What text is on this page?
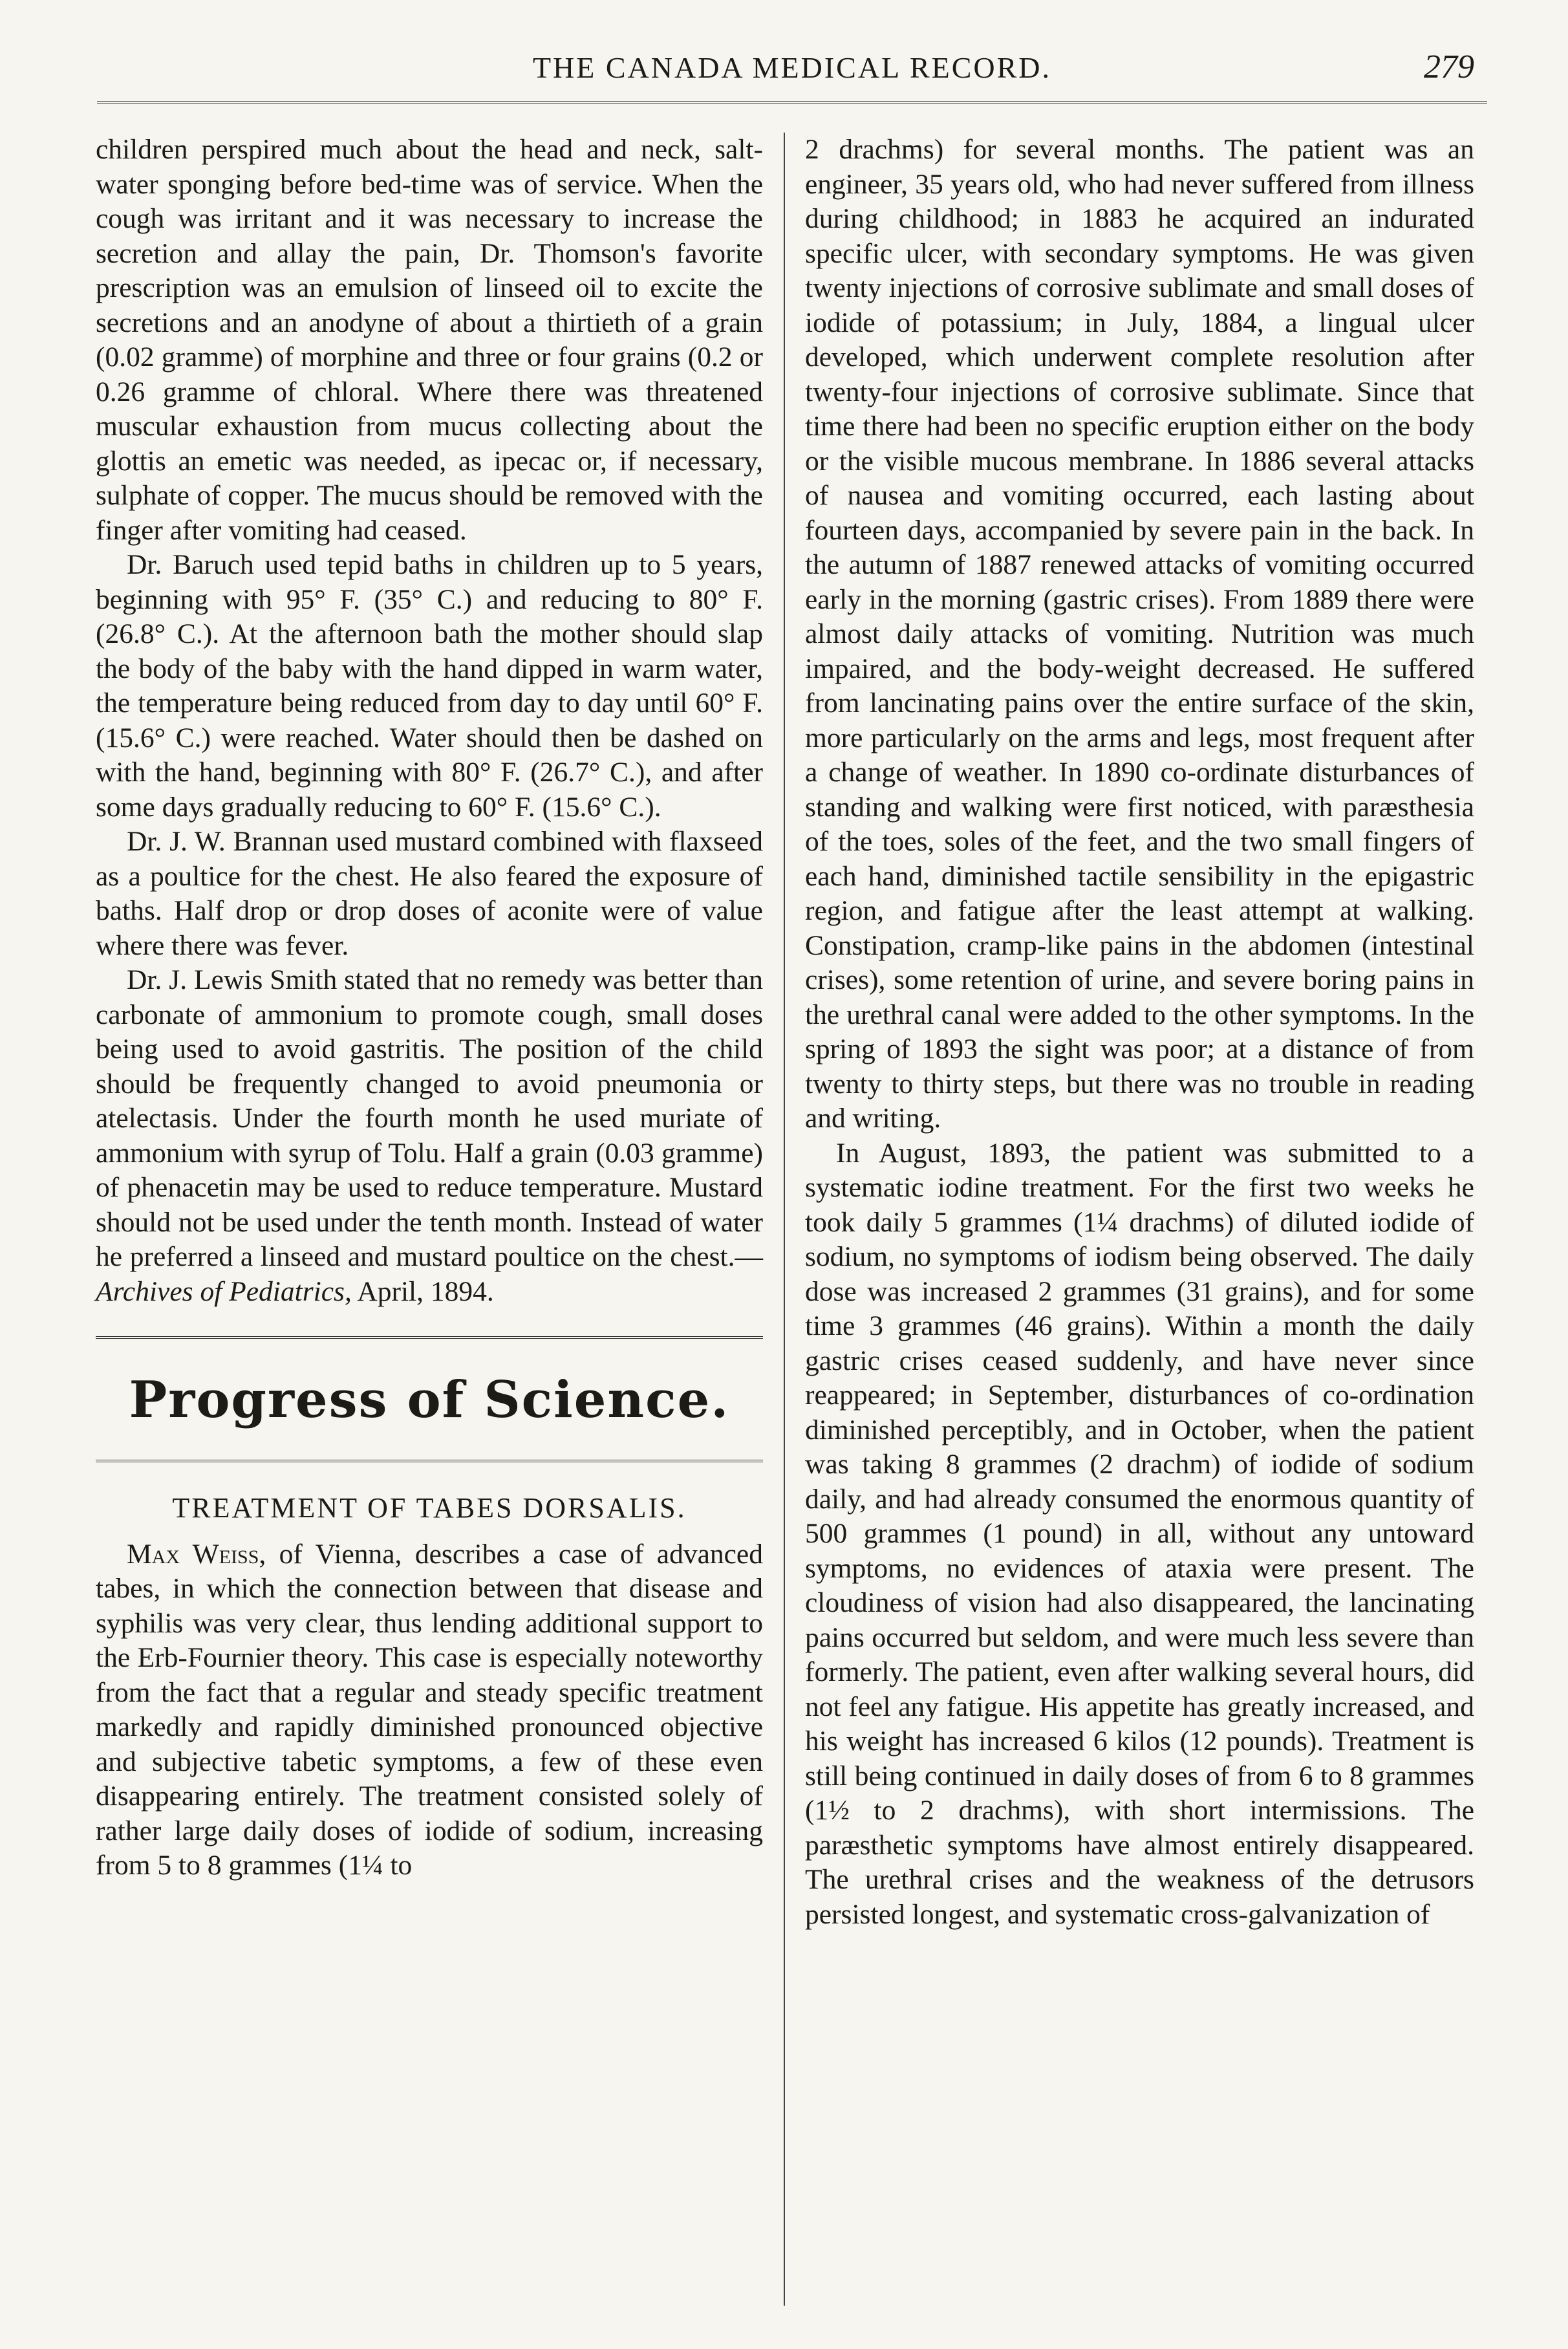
THE CANADA MEDICAL RECORD.	279

children perspired much about the head and neck, salt-water sponging before bed-time was of service. When the cough was irritant and it was necessary to increase the secretion and allay the pain, Dr. Thomson's favorite prescription was an emulsion of linseed oil to excite the secretions and an anodyne of about a thirtieth of a grain (0.02 gramme) of morphine and three or four grains (0.2 or 0.26 gramme of chloral. Where there was threatened muscular exhaustion from mucus collecting about the glottis an emetic was needed, as ipecac or, if necessary, sulphate of copper. The mucus should be removed with the finger after vomiting had ceased.

Dr. Baruch used tepid baths in children up to 5 years, beginning with 95° F. (35° C.) and reducing to 80° F. (26.8° C.). At the afternoon bath the mother should slap the body of the baby with the hand dipped in warm water, the temperature being reduced from day to day until 60° F. (15.6° C.) were reached. Water should then be dashed on with the hand, beginning with 80° F. (26.7° C.), and after some days gradually reducing to 60° F. (15.6° C.).

Dr. J. W. Brannan used mustard combined with flaxseed as a poultice for the chest. He also feared the exposure of baths. Half drop or drop doses of aconite were of value where there was fever.

Dr. J. Lewis Smith stated that no remedy was better than carbonate of ammonium to promote cough, small doses being used to avoid gastritis. The position of the child should be frequently changed to avoid pneumonia or atelectasis. Under the fourth month he used muriate of ammonium with syrup of Tolu. Half a grain (0.03 gramme) of phenacetin may be used to reduce temperature. Mustard should not be used under the tenth month. Instead of water he preferred a linseed and mustard poultice on the chest.—Archives of Pediatrics, April, 1894.

Progress of Science.
TREATMENT OF TABES DORSALIS.

Max Weiss, of Vienna, describes a case of advanced tabes, in which the connection between that disease and syphilis was very clear, thus lending additional support to the Erb-Fournier theory. This case is especially noteworthy from the fact that a regular and steady specific treatment markedly and rapidly diminished pronounced objective and subjective tabetic symptoms, a few of these even disappearing entirely. The treatment consisted solely of rather large daily doses of iodide of sodium, increasing from 5 to 8 grammes (1¼ to

2 drachms) for several months. The patient was an engineer, 35 years old, who had never suffered from illness during childhood; in 1883 he acquired an indurated specific ulcer, with secondary symptoms. He was given twenty injections of corrosive sublimate and small doses of iodide of potassium; in July, 1884, a lingual ulcer developed, which underwent complete resolution after twenty-four injections of corrosive sublimate. Since that time there had been no specific eruption either on the body or the visible mucous membrane. In 1886 several attacks of nausea and vomiting occurred, each lasting about fourteen days, accompanied by severe pain in the back. In the autumn of 1887 renewed attacks of vomiting occurred early in the morning (gastric crises). From 1889 there were almost daily attacks of vomiting. Nutrition was much impaired, and the body-weight decreased. He suffered from lancinating pains over the entire surface of the skin, more particularly on the arms and legs, most frequent after a change of weather. In 1890 co-ordinate disturbances of standing and walking were first noticed, with paræsthesia of the toes, soles of the feet, and the two small fingers of each hand, diminished tactile sensibility in the epigastric region, and fatigue after the least attempt at walking. Constipation, cramp-like pains in the abdomen (intestinal crises), some retention of urine, and severe boring pains in the urethral canal were added to the other symptoms. In the spring of 1893 the sight was poor; at a distance of from twenty to thirty steps, but there was no trouble in reading and writing.

In August, 1893, the patient was submitted to a systematic iodine treatment. For the first two weeks he took daily 5 grammes (1¼ drachms) of diluted iodide of sodium, no symptoms of iodism being observed. The daily dose was increased 2 grammes (31 grains), and for some time 3 grammes (46 grains). Within a month the daily gastric crises ceased suddenly, and have never since reappeared; in September, disturbances of co-ordination diminished perceptibly, and in October, when the patient was taking 8 grammes (2 drachm) of iodide of sodium daily, and had already consumed the enormous quantity of 500 grammes (1 pound) in all, without any untoward symptoms, no evidences of ataxia were present. The cloudiness of vision had also disappeared, the lancinating pains occurred but seldom, and were much less severe than formerly. The patient, even after walking several hours, did not feel any fatigue. His appetite has greatly increased, and his weight has increased 6 kilos (12 pounds). Treatment is still being continued in daily doses of from 6 to 8 grammes (1½ to 2 drachms), with short intermissions. The paræsthetic symptoms have almost entirely disappeared. The urethral crises and the weakness of the detrusors persisted longest, and systematic cross-galvanization of
